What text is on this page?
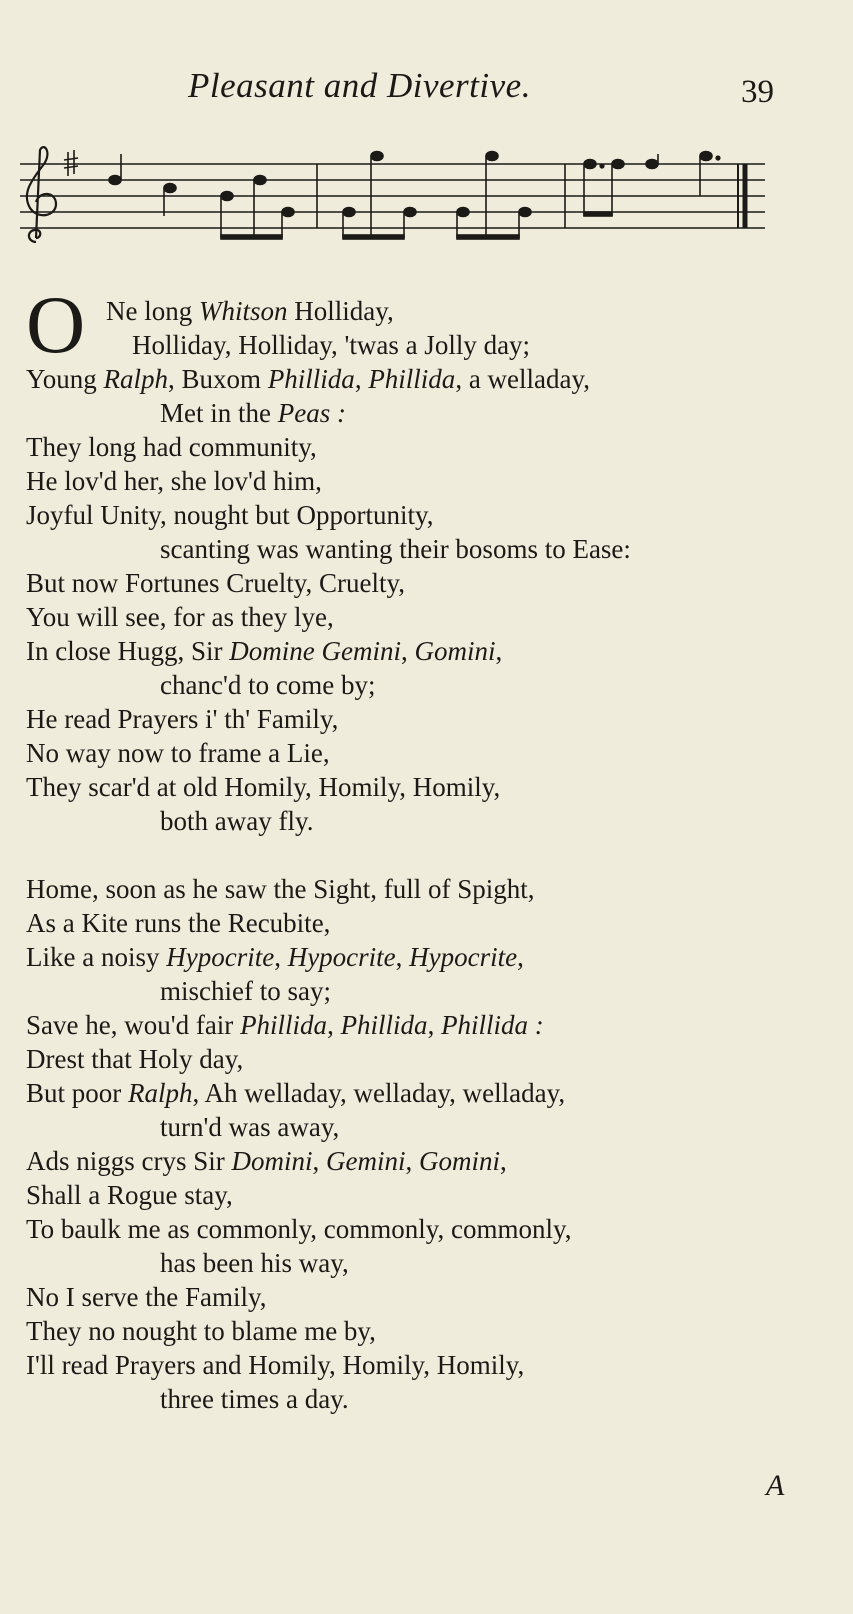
Pleasant and Divertive.	39
O Ne long Whitson Holliday,
Holliday, Holliday, 'twas a Jolly day;
Young Ralph, Buxom Phillida, Phillida, a welladay,
Met in the Peas :
They long had community,
He lov'd her, she lov'd him,
Joyful Unity, nought but Opportunity,
scanting was wanting their bosoms to Ease:
But now Fortunes Cruelty, Cruelty,
You will see, for as they lye,
In close Hugg, Sir Domine Gemini, Gomini,
chanc'd to come by;
He read Prayers i' th' Family,
No way now to frame a Lie,
They scar'd at old Homily, Homily, Homily,
both away fly.
Home, soon as he saw the Sight, full of Spight,
As a Kite runs the Recubite,
Like a noisy Hypocrite, Hypocrite, Hypocrite,
mischief to say;
Save he, wou'd fair Phillida, Phillida, Phillida :
Drest that Holy day,
But poor Ralph, Ah welladay, welladay, welladay,
turn'd was away,
Ads niggs crys Sir Domini, Gemini, Gomini,
Shall a Rogue stay,
To baulk me as commonly, commonly, commonly,
has been his way,
No I serve the Family,
They no nought to blame me by,
I'll read Prayers and Homily, Homily, Homily,
three times a day.
A
